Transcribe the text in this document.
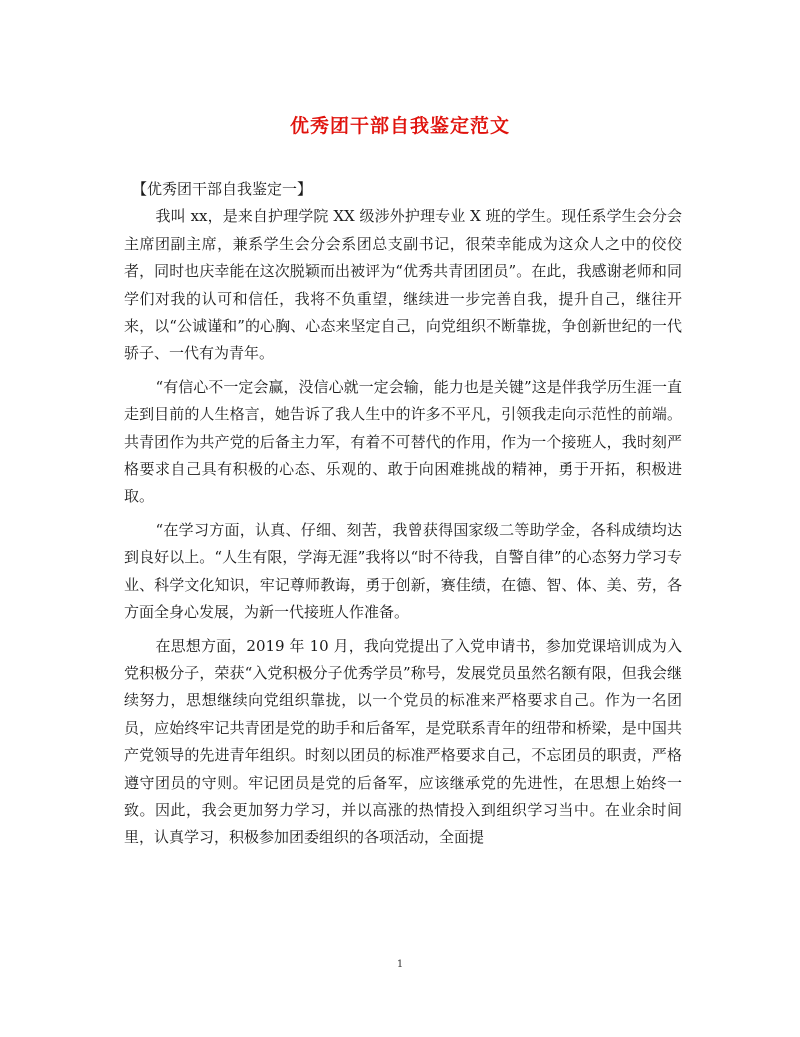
优秀团干部自我鉴定范文

【优秀团干部自我鉴定一】

我叫 xx，是来自护理学院 XX 级涉外护理专业 X 班的学生。现任系学生会分会主席团副主席，兼系学生会分会系团总支副书记，很荣幸能成为这众人之中的佼佼者，同时也庆幸能在这次脱颖而出被评为“优秀共青团团员”。在此，我感谢老师和同学们对我的认可和信任，我将不负重望，继续进一步完善自我，提升自己，继往开来，以“公诚谨和”的心胸、心态来坚定自己，向党组织不断靠拢，争创新世纪的一代骄子、一代有为青年。

“有信心不一定会赢，没信心就一定会输，能力也是关键”这是伴我学历生涯一直走到目前的人生格言，她告诉了我人生中的许多不平凡，引领我走向示范性的前端。共青团作为共产党的后备主力军，有着不可替代的作用，作为一个接班人，我时刻严格要求自己具有积极的心态、乐观的、敢于向困难挑战的精神，勇于开拓，积极进取。

“在学习方面，认真、仔细、刻苦，我曾获得国家级二等助学金，各科成绩均达到良好以上。“人生有限，学海无涯”我将以“时不待我，自警自律”的心态努力学习专业、科学文化知识，牢记尊师教诲，勇于创新，赛佳绩，在德、智、体、美、劳，各方面全身心发展，为新一代接班人作准备。

在思想方面，2019 年 10 月，我向党提出了入党申请书，参加党课培训成为入党积极分子，荣获“入党积极分子优秀学员”称号，发展党员虽然名额有限，但我会继续努力，思想继续向党组织靠拢，以一个党员的标准来严格要求自己。作为一名团员，应始终牢记共青团是党的助手和后备军，是党联系青年的纽带和桥梁，是中国共产党领导的先进青年组织。时刻以团员的标准严格要求自己，不忘团员的职责，严格遵守团员的守则。牢记团员是党的后备军，应该继承党的先进性，在思想上始终一致。因此，我会更加努力学习，并以高涨的热情投入到组织学习当中。在业余时间里，认真学习，积极参加团委组织的各项活动，全面提

1
